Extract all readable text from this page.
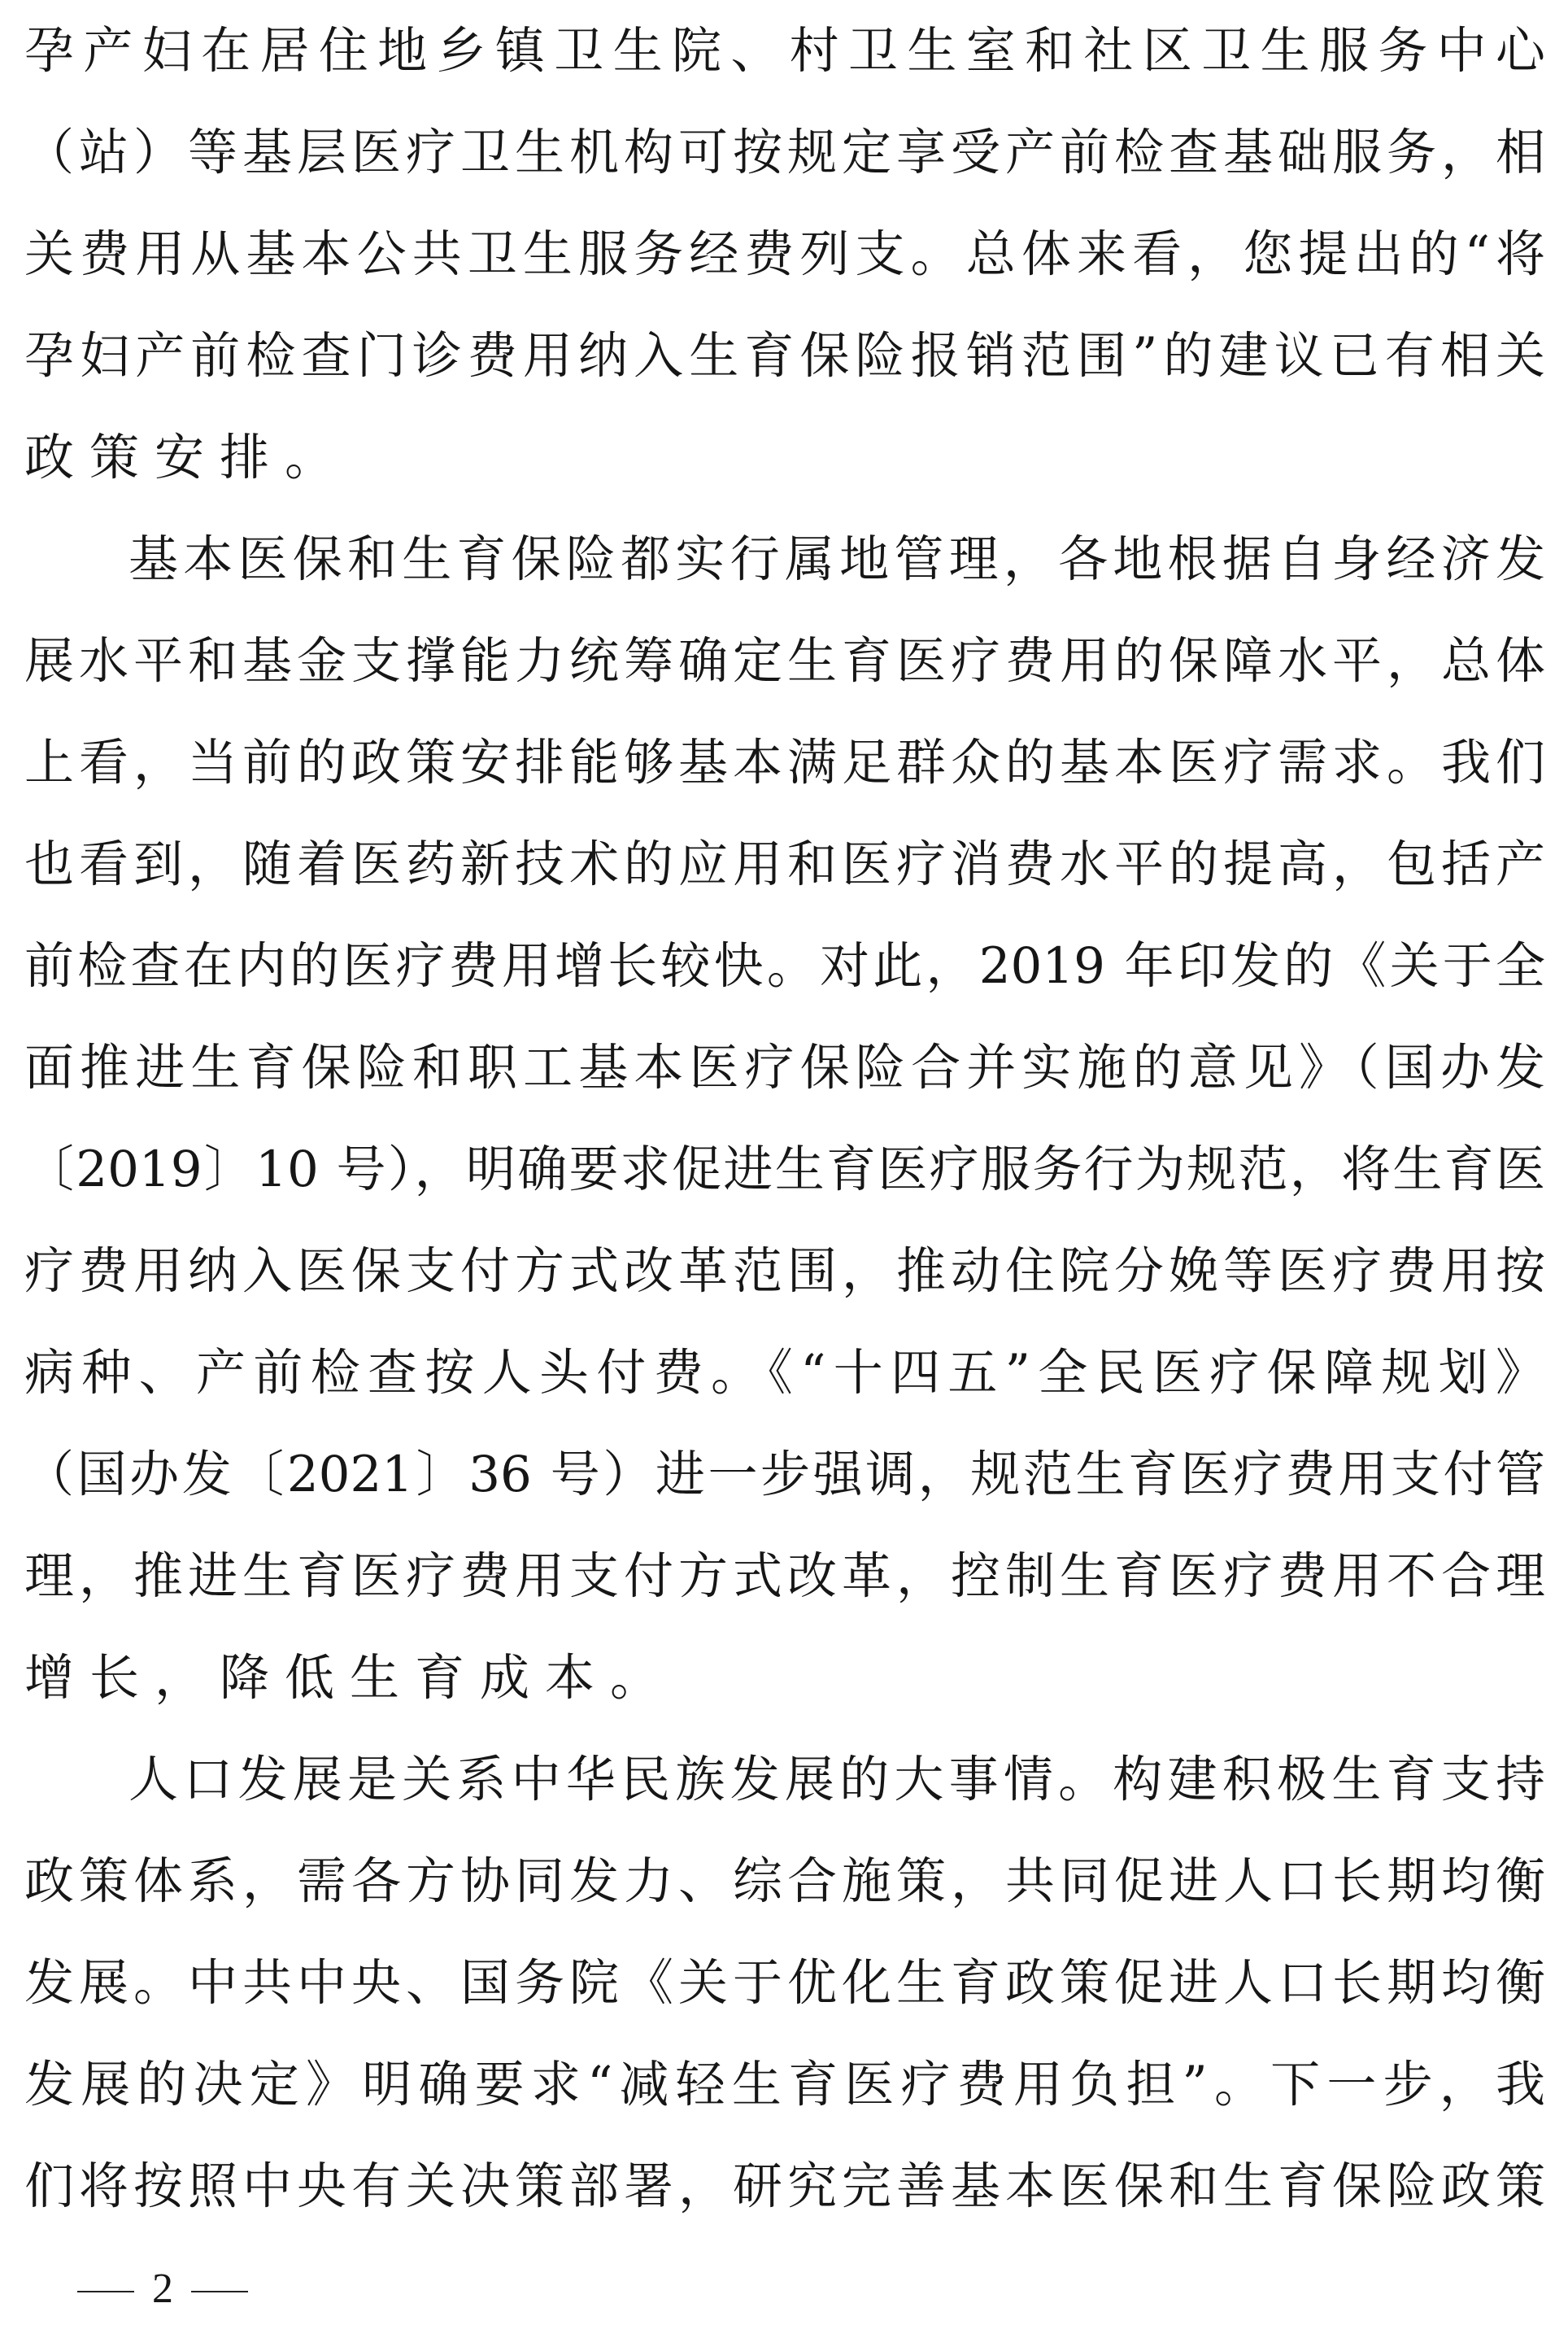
孕产妇在居住地乡镇卫生院、村卫生室和社区卫生服务中心
（站）等基层医疗卫生机构可按规定享受产前检查基础服务，相
关费用从基本公共卫生服务经费列支。总体来看，您提出的“将
孕妇产前检查门诊费用纳入生育保险报销范围”的建议已有相关
政策安排。
基本医保和生育保险都实行属地管理，各地根据自身经济发
展水平和基金支撑能力统筹确定生育医疗费用的保障水平，总体
上看，当前的政策安排能够基本满足群众的基本医疗需求。我们
也看到，随着医药新技术的应用和医疗消费水平的提高，包括产
前检查在内的医疗费用增长较快。对此，2019 年印发的《关于全
面推进生育保险和职工基本医疗保险合并实施的意见》（国办发
〔2019〕10 号），明确要求促进生育医疗服务行为规范，将生育医
疗费用纳入医保支付方式改革范围，推动住院分娩等医疗费用按
病种、产前检查按人头付费。《“十四五”全民医疗保障规划》
（国办发〔2021〕36 号）进一步强调，规范生育医疗费用支付管
理，推进生育医疗费用支付方式改革，控制生育医疗费用不合理
增长，降低生育成本。
人口发展是关系中华民族发展的大事情。构建积极生育支持
政策体系，需各方协同发力、综合施策，共同促进人口长期均衡
发展。中共中央、国务院《关于优化生育政策促进人口长期均衡
发展的决定》明确要求“减轻生育医疗费用负担”。下一步，我
们将按照中央有关决策部署，研究完善基本医保和生育保险政策
2
